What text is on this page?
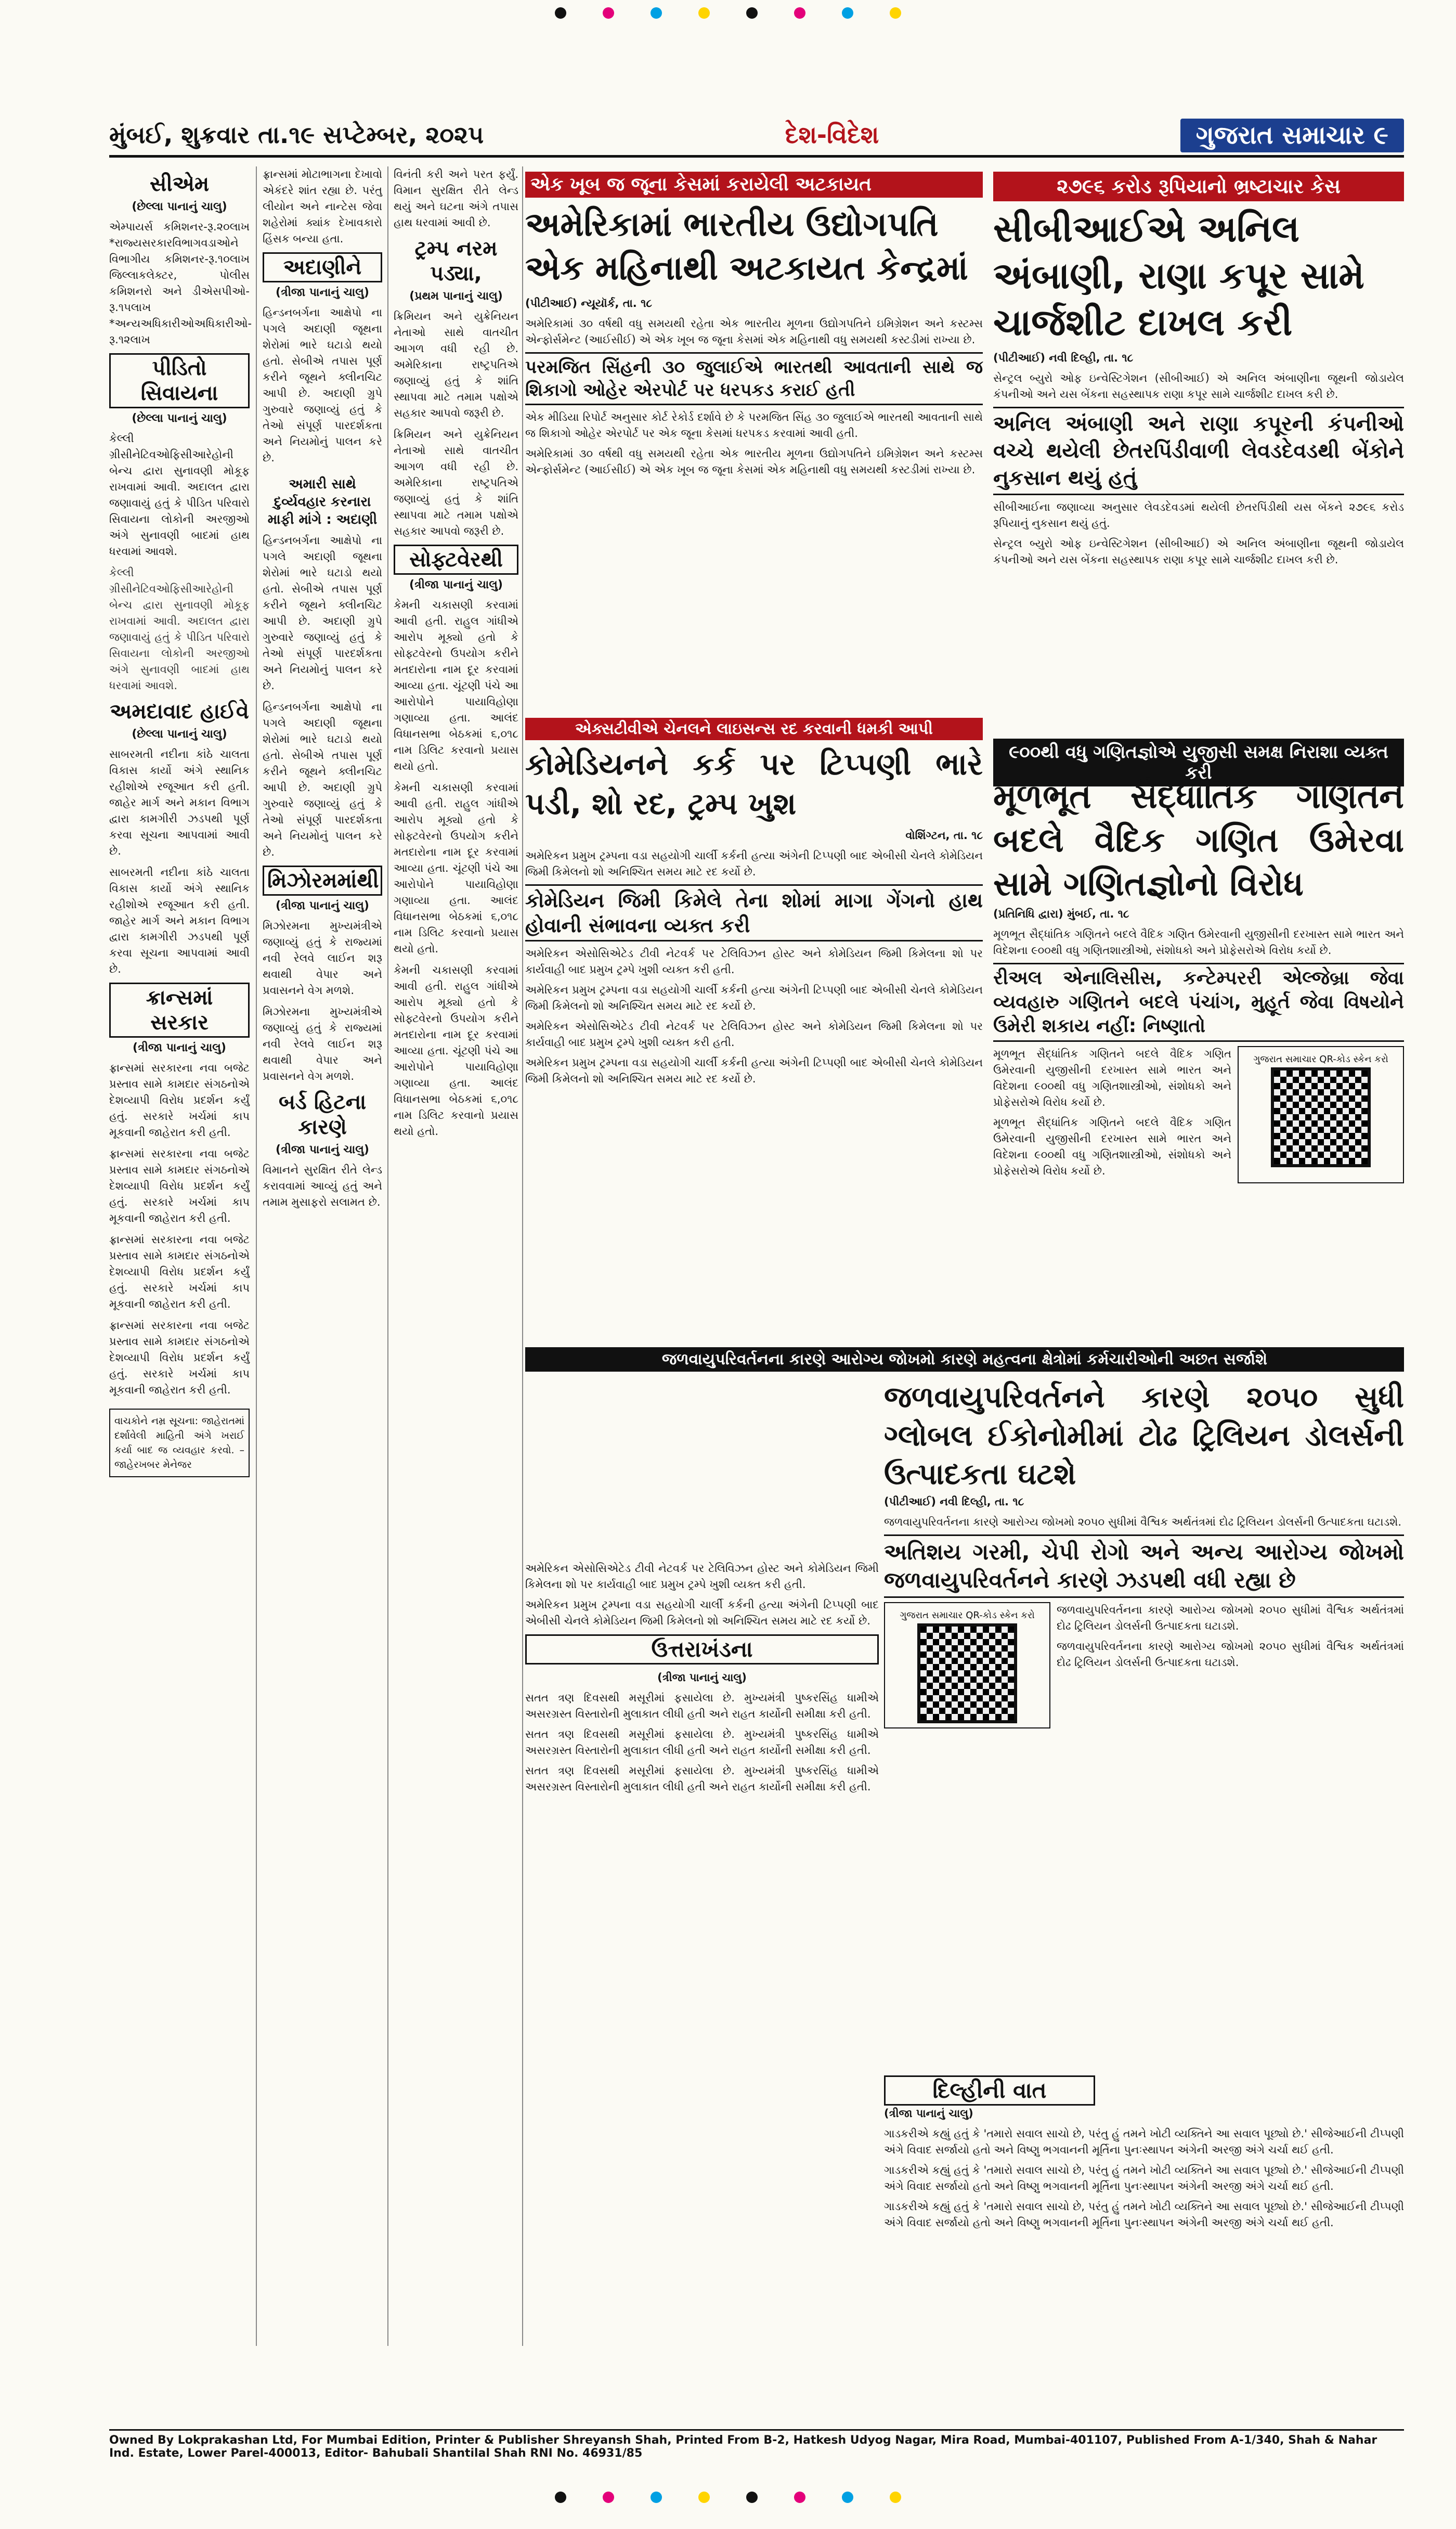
મુંબઈ, શુક્રવાર તા.૧૯ સપ્ટેમ્બર, ૨૦૨૫	દેશ-વિદેશ	ગુજરાત સમાચાર ૯
સીએમ
(છેલ્લા પાનાનું ચાલુ)

એમ્પાયર્સ કમિશનર-રૂ.૨૦લાખ *રાજ્યસરકારવિભાગવડાઓને વિભાગીય કમિશનર-રૂ.૧૦લાખ જિલ્લાકલેક્ટર, પોલીસ કમિશનરો અને ડીએસપીઓ-રૂ.૧૫લાખ *અન્યઅધિકારીઓઅધિકારીઓ-રૂ.૧૨લાખ

પીડિતો સિવાયના
(છેલ્લા પાનાનું ચાલુ)

કેલ્લી ગ્રીસીનેટિવઓફિસીઆરેહોની બેન્ચ દ્વારા સુનાવણી મોકૂફ રાખવામાં આવી. અદાલત દ્વારા જણાવાયું હતું કે પીડિત પરિવારો સિવાયના લોકોની અરજીઓ અંગે સુનાવણી બાદમાં હાથ ધરવામાં આવશે.

કેલ્લી ગ્રીસીનેટિવઓફિસીઆરેહોની બેન્ચ દ્વારા સુનાવણી મોકૂફ રાખવામાં આવી. અદાલત દ્વારા જણાવાયું હતું કે પીડિત પરિવારો સિવાયના લોકોની અરજીઓ અંગે સુનાવણી બાદમાં હાથ ધરવામાં આવશે.

અમદાવાદ હાઈવે
(છેલ્લા પાનાનું ચાલુ)

સાબરમતી નદીના કાંઠે ચાલતા વિકાસ કાર્યો અંગે સ્થાનિક રહીશોએ રજૂઆત કરી હતી. જાહેર માર્ગ અને મકાન વિભાગ દ્વારા કામગીરી ઝડપથી પૂર્ણ કરવા સૂચના આપવામાં આવી છે.

સાબરમતી નદીના કાંઠે ચાલતા વિકાસ કાર્યો અંગે સ્થાનિક રહીશોએ રજૂઆત કરી હતી. જાહેર માર્ગ અને મકાન વિભાગ દ્વારા કામગીરી ઝડપથી પૂર્ણ કરવા સૂચના આપવામાં આવી છે.

ક્રાન્સમાં સરકાર
(ત્રીજા પાનાનું ચાલુ)

ફ્રાન્સમાં સરકારના નવા બજેટ પ્રસ્તાવ સામે કામદાર સંગઠનોએ દેશવ્યાપી વિરોધ પ્રદર્શન કર્યું હતું. સરકારે ખર્ચમાં કાપ મૂકવાની જાહેરાત કરી હતી.

ફ્રાન્સમાં સરકારના નવા બજેટ પ્રસ્તાવ સામે કામદાર સંગઠનોએ દેશવ્યાપી વિરોધ પ્રદર્શન કર્યું હતું. સરકારે ખર્ચમાં કાપ મૂકવાની જાહેરાત કરી હતી.

ફ્રાન્સમાં સરકારના નવા બજેટ પ્રસ્તાવ સામે કામદાર સંગઠનોએ દેશવ્યાપી વિરોધ પ્રદર્શન કર્યું હતું. સરકારે ખર્ચમાં કાપ મૂકવાની જાહેરાત કરી હતી.

ફ્રાન્સમાં સરકારના નવા બજેટ પ્રસ્તાવ સામે કામદાર સંગઠનોએ દેશવ્યાપી વિરોધ પ્રદર્શન કર્યું હતું. સરકારે ખર્ચમાં કાપ મૂકવાની જાહેરાત કરી હતી.

વાચકોને નમ્ર સૂચના: જાહેરાતમાં દર્શાવેલી માહિતી અંગે ખરાઈ કર્યા બાદ જ વ્યવહાર કરવો. – જાહેરખબર મેનેજર

ફ્રાન્સમાં મોટાભાગના દેખાવો એકંદરે શાંત રહ્યા છે. પરંતુ લીયોન અને નાન્ટેસ જેવા શહેરોમાં ક્યાંક દેખાવકારો હિંસક બન્યા હતા.

અદાણીને
(ત્રીજા પાનાનું ચાલુ)

હિન્ડનબર્ગના આક્ષેપો ના પગલે અદાણી જૂથના શેરોમાં ભારે ઘટાડો થયો હતો. સેબીએ તપાસ પૂર્ણ કરીને જૂથને ક્લીનચિટ આપી છે. અદાણી ગ્રુપે ગુરુવારે જણાવ્યું હતું કે તેઓ સંપૂર્ણ પારદર્શકતા અને નિયમોનું પાલન કરે છે.

અમારી સાથે દુર્વ્યવહાર કરનારા માફી માંગે : અદાણી

હિન્ડનબર્ગના આક્ષેપો ના પગલે અદાણી જૂથના શેરોમાં ભારે ઘટાડો થયો હતો. સેબીએ તપાસ પૂર્ણ કરીને જૂથને ક્લીનચિટ આપી છે. અદાણી ગ્રુપે ગુરુવારે જણાવ્યું હતું કે તેઓ સંપૂર્ણ પારદર્શકતા અને નિયમોનું પાલન કરે છે.

હિન્ડનબર્ગના આક્ષેપો ના પગલે અદાણી જૂથના શેરોમાં ભારે ઘટાડો થયો હતો. સેબીએ તપાસ પૂર્ણ કરીને જૂથને ક્લીનચિટ આપી છે. અદાણી ગ્રુપે ગુરુવારે જણાવ્યું હતું કે તેઓ સંપૂર્ણ પારદર્શકતા અને નિયમોનું પાલન કરે છે.

મિઝોરમમાંથી
(ત્રીજા પાનાનું ચાલુ)

મિઝોરમના મુખ્યમંત્રીએ જણાવ્યું હતું કે રાજ્યમાં નવી રેલવે લાઈન શરૂ થવાથી વેપાર અને પ્રવાસનને વેગ મળશે.

મિઝોરમના મુખ્યમંત્રીએ જણાવ્યું હતું કે રાજ્યમાં નવી રેલવે લાઈન શરૂ થવાથી વેપાર અને પ્રવાસનને વેગ મળશે.

બર્ડ હિટના કારણે
(ત્રીજા પાનાનું ચાલુ)

વિમાનને સુરક્ષિત રીતે લેન્ડ કરાવવામાં આવ્યું હતું અને તમામ મુસાફરો સલામત છે.

વિનંતી કરી અને પરત ફર્યું. વિમાન સુરક્ષિત રીતે લેન્ડ થયું અને ઘટના અંગે તપાસ હાથ ધરવામાં આવી છે.

ટ્રમ્પ નરમ પડ્યા,
(પ્રથમ પાનાનું ચાલુ)

ક્રિમિયન અને યુક્રેનિયન નેતાઓ સાથે વાતચીત આગળ વધી રહી છે. અમેરિકાના રાષ્ટ્રપતિએ જણાવ્યું હતું કે શાંતિ સ્થાપવા માટે તમામ પક્ષોએ સહકાર આપવો જરૂરી છે.

ક્રિમિયન અને યુક્રેનિયન નેતાઓ સાથે વાતચીત આગળ વધી રહી છે. અમેરિકાના રાષ્ટ્રપતિએ જણાવ્યું હતું કે શાંતિ સ્થાપવા માટે તમામ પક્ષોએ સહકાર આપવો જરૂરી છે.

સોફ્ટવેરથી
(ત્રીજા પાનાનું ચાલુ)

કેમની ચકાસણી કરવામાં આવી હતી. રાહુલ ગાંધીએ આરોપ મૂક્યો હતો કે સોફ્ટવેરનો ઉપયોગ કરીને મતદારોના નામ દૂર કરવામાં આવ્યા હતા. ચૂંટણી પંચે આ આરોપોને પાયાવિહોણા ગણાવ્યા હતા. આલંદ વિધાનસભા બેઠકમાં ૬,૦૧૮ નામ ડિલિટ કરવાનો પ્રયાસ થયો હતો.

કેમની ચકાસણી કરવામાં આવી હતી. રાહુલ ગાંધીએ આરોપ મૂક્યો હતો કે સોફ્ટવેરનો ઉપયોગ કરીને મતદારોના નામ દૂર કરવામાં આવ્યા હતા. ચૂંટણી પંચે આ આરોપોને પાયાવિહોણા ગણાવ્યા હતા. આલંદ વિધાનસભા બેઠકમાં ૬,૦૧૮ નામ ડિલિટ કરવાનો પ્રયાસ થયો હતો.

કેમની ચકાસણી કરવામાં આવી હતી. રાહુલ ગાંધીએ આરોપ મૂક્યો હતો કે સોફ્ટવેરનો ઉપયોગ કરીને મતદારોના નામ દૂર કરવામાં આવ્યા હતા. ચૂંટણી પંચે આ આરોપોને પાયાવિહોણા ગણાવ્યા હતા. આલંદ વિધાનસભા બેઠકમાં ૬,૦૧૮ નામ ડિલિટ કરવાનો પ્રયાસ થયો હતો.

એક ખૂબ જ જૂના કેસમાં કરાયેલી અટકાયત
અમેરિકામાં ભારતીય ઉદ્યોગપતિ એક મહિનાથી અટકાયત કેન્દ્રમાં

(પીટીઆઈ) ન્યૂયૉર્ક, તા. ૧૮

અમેરિકામાં ૩૦ વર્ષથી વધુ સમયથી રહેતા એક ભારતીય મૂળના ઉદ્યોગપતિને ઇમિગ્રેશન અને કસ્ટમ્સ એન્ફોર્સમેન્ટ (આઈસીઈ) એ એક ખૂબ જ જૂના કેસમાં એક મહિનાથી વધુ સમયથી કસ્ટડીમાં રાખ્યા છે.

પરમજિત સિંહની ૩૦ જુલાઈએ ભારતથી આવતાની સાથે જ શિકાગો ઓહેર એરપોર્ટ પર ધરપકડ કરાઈ હતી

એક મીડિયા રિપોર્ટ અનુસાર કોર્ટ રેકોર્ડ દર્શાવે છે કે પરમજિત સિંહ ૩૦ જુલાઈએ ભારતથી આવતાની સાથે જ શિકાગો ઓહેર એરપોર્ટ પર એક જૂના કેસમાં ધરપકડ કરવામાં આવી હતી.

અમેરિકામાં ૩૦ વર્ષથી વધુ સમયથી રહેતા એક ભારતીય મૂળના ઉદ્યોગપતિને ઇમિગ્રેશન અને કસ્ટમ્સ એન્ફોર્સમેન્ટ (આઈસીઈ) એ એક ખૂબ જ જૂના કેસમાં એક મહિનાથી વધુ સમયથી કસ્ટડીમાં રાખ્યા છે.

એક્સટીવીએ ચેનલને લાઇસન્સ રદ કરવાની ધમકી આપી
કોમેડિયનને કર્ક પર ટિપ્પણી ભારે પડી, શો રદ, ટ્રમ્પ ખુશ

વોશિંગ્ટન, તા. ૧૮

અમેરિકન પ્રમુખ ટ્રમ્પના વડા સહયોગી ચાર્લી કર્કની હત્યા અંગેની ટિપ્પણી બાદ એબીસી ચેનલે કોમેડિયન જિમી કિમેલનો શો અનિશ્ચિત સમય માટે રદ કર્યો છે.

કોમેડિયન જિમી કિમેલે તેના શોમાં માગા ગેંગનો હાથ હોવાની સંભાવના વ્યક્ત કરી

અમેરિકન એસોસિએટેડ ટીવી નેટવર્ક પર ટેલિવિઝન હોસ્ટ અને કોમેડિયન જિમી કિમેલના શો પર કાર્યવાહી બાદ પ્રમુખ ટ્રમ્પે ખુશી વ્યક્ત કરી હતી.

અમેરિકન પ્રમુખ ટ્રમ્પના વડા સહયોગી ચાર્લી કર્કની હત્યા અંગેની ટિપ્પણી બાદ એબીસી ચેનલે કોમેડિયન જિમી કિમેલનો શો અનિશ્ચિત સમય માટે રદ કર્યો છે.

અમેરિકન એસોસિએટેડ ટીવી નેટવર્ક પર ટેલિવિઝન હોસ્ટ અને કોમેડિયન જિમી કિમેલના શો પર કાર્યવાહી બાદ પ્રમુખ ટ્રમ્પે ખુશી વ્યક્ત કરી હતી.

અમેરિકન પ્રમુખ ટ્રમ્પના વડા સહયોગી ચાર્લી કર્કની હત્યા અંગેની ટિપ્પણી બાદ એબીસી ચેનલે કોમેડિયન જિમી કિમેલનો શો અનિશ્ચિત સમય માટે રદ કર્યો છે.

અમેરિકન એસોસિએટેડ ટીવી નેટવર્ક પર ટેલિવિઝન હોસ્ટ અને કોમેડિયન જિમી કિમેલના શો પર કાર્યવાહી બાદ પ્રમુખ ટ્રમ્પે ખુશી વ્યક્ત કરી હતી.

અમેરિકન પ્રમુખ ટ્રમ્પના વડા સહયોગી ચાર્લી કર્કની હત્યા અંગેની ટિપ્પણી બાદ એબીસી ચેનલે કોમેડિયન જિમી કિમેલનો શો અનિશ્ચિત સમય માટે રદ કર્યો છે.

ઉત્તરાખંડના

(ત્રીજા પાનાનું ચાલુ)

સતત ત્રણ દિવસથી મસૂરીમાં ફસાયેલા છે. મુખ્યમંત્રી પુષ્કરસિંહ ધામીએ અસરગ્રસ્ત વિસ્તારોની મુલાકાત લીધી હતી અને રાહત કાર્યોની સમીક્ષા કરી હતી.

સતત ત્રણ દિવસથી મસૂરીમાં ફસાયેલા છે. મુખ્યમંત્રી પુષ્કરસિંહ ધામીએ અસરગ્રસ્ત વિસ્તારોની મુલાકાત લીધી હતી અને રાહત કાર્યોની સમીક્ષા કરી હતી.

સતત ત્રણ દિવસથી મસૂરીમાં ફસાયેલા છે. મુખ્યમંત્રી પુષ્કરસિંહ ધામીએ અસરગ્રસ્ત વિસ્તારોની મુલાકાત લીધી હતી અને રાહત કાર્યોની સમીક્ષા કરી હતી.

દિલ્હીની વાત

(ત્રીજા પાનાનું ચાલુ)

ગાડકરીએ કહ્યું હતું કે 'તમારો સવાલ સાચો છે, પરંતુ હું તમને ખોટી વ્યક્તિને આ સવાલ પૂછ્યો છે.' સીજેઆઈની ટીપ્પણી અંગે વિવાદ સર્જાયો હતો અને વિષ્ણુ ભગવાનની મૂર્તિના પુનઃસ્થાપન અંગેની અરજી અંગે ચર્ચા થઈ હતી.

ગાડકરીએ કહ્યું હતું કે 'તમારો સવાલ સાચો છે, પરંતુ હું તમને ખોટી વ્યક્તિને આ સવાલ પૂછ્યો છે.' સીજેઆઈની ટીપ્પણી અંગે વિવાદ સર્જાયો હતો અને વિષ્ણુ ભગવાનની મૂર્તિના પુનઃસ્થાપન અંગેની અરજી અંગે ચર્ચા થઈ હતી.

ગાડકરીએ કહ્યું હતું કે 'તમારો સવાલ સાચો છે, પરંતુ હું તમને ખોટી વ્યક્તિને આ સવાલ પૂછ્યો છે.' સીજેઆઈની ટીપ્પણી અંગે વિવાદ સર્જાયો હતો અને વિષ્ણુ ભગવાનની મૂર્તિના પુનઃસ્થાપન અંગેની અરજી અંગે ચર્ચા થઈ હતી.

૨૭૯૬ કરોડ રૂપિયાનો ભ્રષ્ટાચાર કેસ
સીબીઆઈએ અનિલ અંબાણી, રાણા કપૂર સામે ચાર્જશીટ દાખલ કરી

(પીટીઆઈ) નવી દિલ્હી, તા. ૧૮

સેન્ટ્રલ બ્યુરો ઓફ ઇન્વેસ્ટિગેશન (સીબીઆઈ) એ અનિલ અંબાણીના જૂથની જોડાયેલ કંપનીઓ અને યસ બેંકના સહસ્થાપક રાણા કપૂર સામે ચાર્જશીટ દાખલ કરી છે.

અનિલ અંબાણી અને રાણા કપૂરની કંપનીઓ વચ્ચે થયેલી છેતરપિંડીવાળી લેવડદેવડથી બેંકોને નુકસાન થયું હતું

સીબીઆઈના જણાવ્યા અનુસાર લેવડદેવડમાં થયેલી છેતરપિંડીથી યસ બેંકને ૨૭૯૬ કરોડ રૂપિયાનું નુકસાન થયું હતું.

સેન્ટ્રલ બ્યુરો ઓફ ઇન્વેસ્ટિગેશન (સીબીઆઈ) એ અનિલ અંબાણીના જૂથની જોડાયેલ કંપનીઓ અને યસ બેંકના સહસ્થાપક રાણા કપૂર સામે ચાર્જશીટ દાખલ કરી છે.

૯૦૦થી વધુ ગણિતજ્ઞોએ યુજીસી સમક્ષ નિરાશા વ્યક્ત કરી
મૂળભૂત સૈદ્ધાંતિક ગણિતને બદલે વૈદિક ગણિત ઉમેરવા સામે ગણિતજ્ઞોનો વિરોધ

(પ્રતિનિધિ દ્વારા) મુંબઈ, તા. ૧૮

મૂળભૂત સૈદ્ધાંતિક ગણિતને બદલે વૈદિક ગણિત ઉમેરવાની યુજીસીની દરખાસ્ત સામે ભારત અને વિદેશના ૯૦૦થી વધુ ગણિતશાસ્ત્રીઓ, સંશોધકો અને પ્રોફેસરોએ વિરોધ કર્યો છે.

રીઅલ એનાલિસીસ, કન્ટેમ્પરરી એલ્જેબ્રા જેવા વ્યવહારુ ગણિતને બદલે પંચાંગ, મુહૂર્ત જેવા વિષયોને ઉમેરી શકાય નહીં: નિષ્ણાતો

મૂળભૂત સૈદ્ધાંતિક ગણિતને બદલે વૈદિક ગણિત ઉમેરવાની યુજીસીની દરખાસ્ત સામે ભારત અને વિદેશના ૯૦૦થી વધુ ગણિતશાસ્ત્રીઓ, સંશોધકો અને પ્રોફેસરોએ વિરોધ કર્યો છે.

મૂળભૂત સૈદ્ધાંતિક ગણિતને બદલે વૈદિક ગણિત ઉમેરવાની યુજીસીની દરખાસ્ત સામે ભારત અને વિદેશના ૯૦૦થી વધુ ગણિતશાસ્ત્રીઓ, સંશોધકો અને પ્રોફેસરોએ વિરોધ કર્યો છે.

ગુજરાત સમાચાર QR-કોડ સ્કેન કરો
જળવાયુપરિવર્તનના કારણે આરોગ્ય જોખમો કારણે મહત્વના ક્ષેત્રોમાં કર્મચારીઓની અછત સર્જાશે
જળવાયુપરિવર્તનને કારણે ૨૦૫૦ સુધી ગ્લોબલ ઈકોનોમીમાં ટોઢ ટ્રિલિયન ડોલર્સની ઉત્પાદકતા ઘટશે

(પીટીઆઈ) નવી દિલ્હી, તા. ૧૮

જળવાયુપરિવર્તનના કારણે આરોગ્ય જોખમો ૨૦૫૦ સુધીમાં વૈશ્વિક અર્થતંત્રમાં દોઢ ટ્રિલિયન ડોલર્સની ઉત્પાદકતા ઘટાડશે.

અતિશય ગરમી, ચેપી રોગો અને અન્ય આરોગ્ય જોખમો જળવાયુપરિવર્તનને કારણે ઝડપથી વધી રહ્યા છે
ગુજરાત સમાચાર QR-કોડ સ્કેન કરો	જળવાયુપરિવર્તનના કારણે આરોગ્ય જોખમો ૨૦૫૦ સુધીમાં વૈશ્વિક અર્થતંત્રમાં દોઢ ટ્રિલિયન ડોલર્સની ઉત્પાદકતા ઘટાડશે.

જળવાયુપરિવર્તનના કારણે આરોગ્ય જોખમો ૨૦૫૦ સુધીમાં વૈશ્વિક અર્થતંત્રમાં દોઢ ટ્રિલિયન ડોલર્સની ઉત્પાદકતા ઘટાડશે.

Owned By Lokprakashan Ltd, For Mumbai Edition, Printer & Publisher Shreyansh Shah, Printed From B-2, Hatkesh Udyog Nagar, Mira Road, Mumbai-401107, Published From A-1/340, Shah & Nahar Ind. Estate, Lower Parel-400013, Editor- Bahubali Shantilal Shah RNI No. 46931/85
